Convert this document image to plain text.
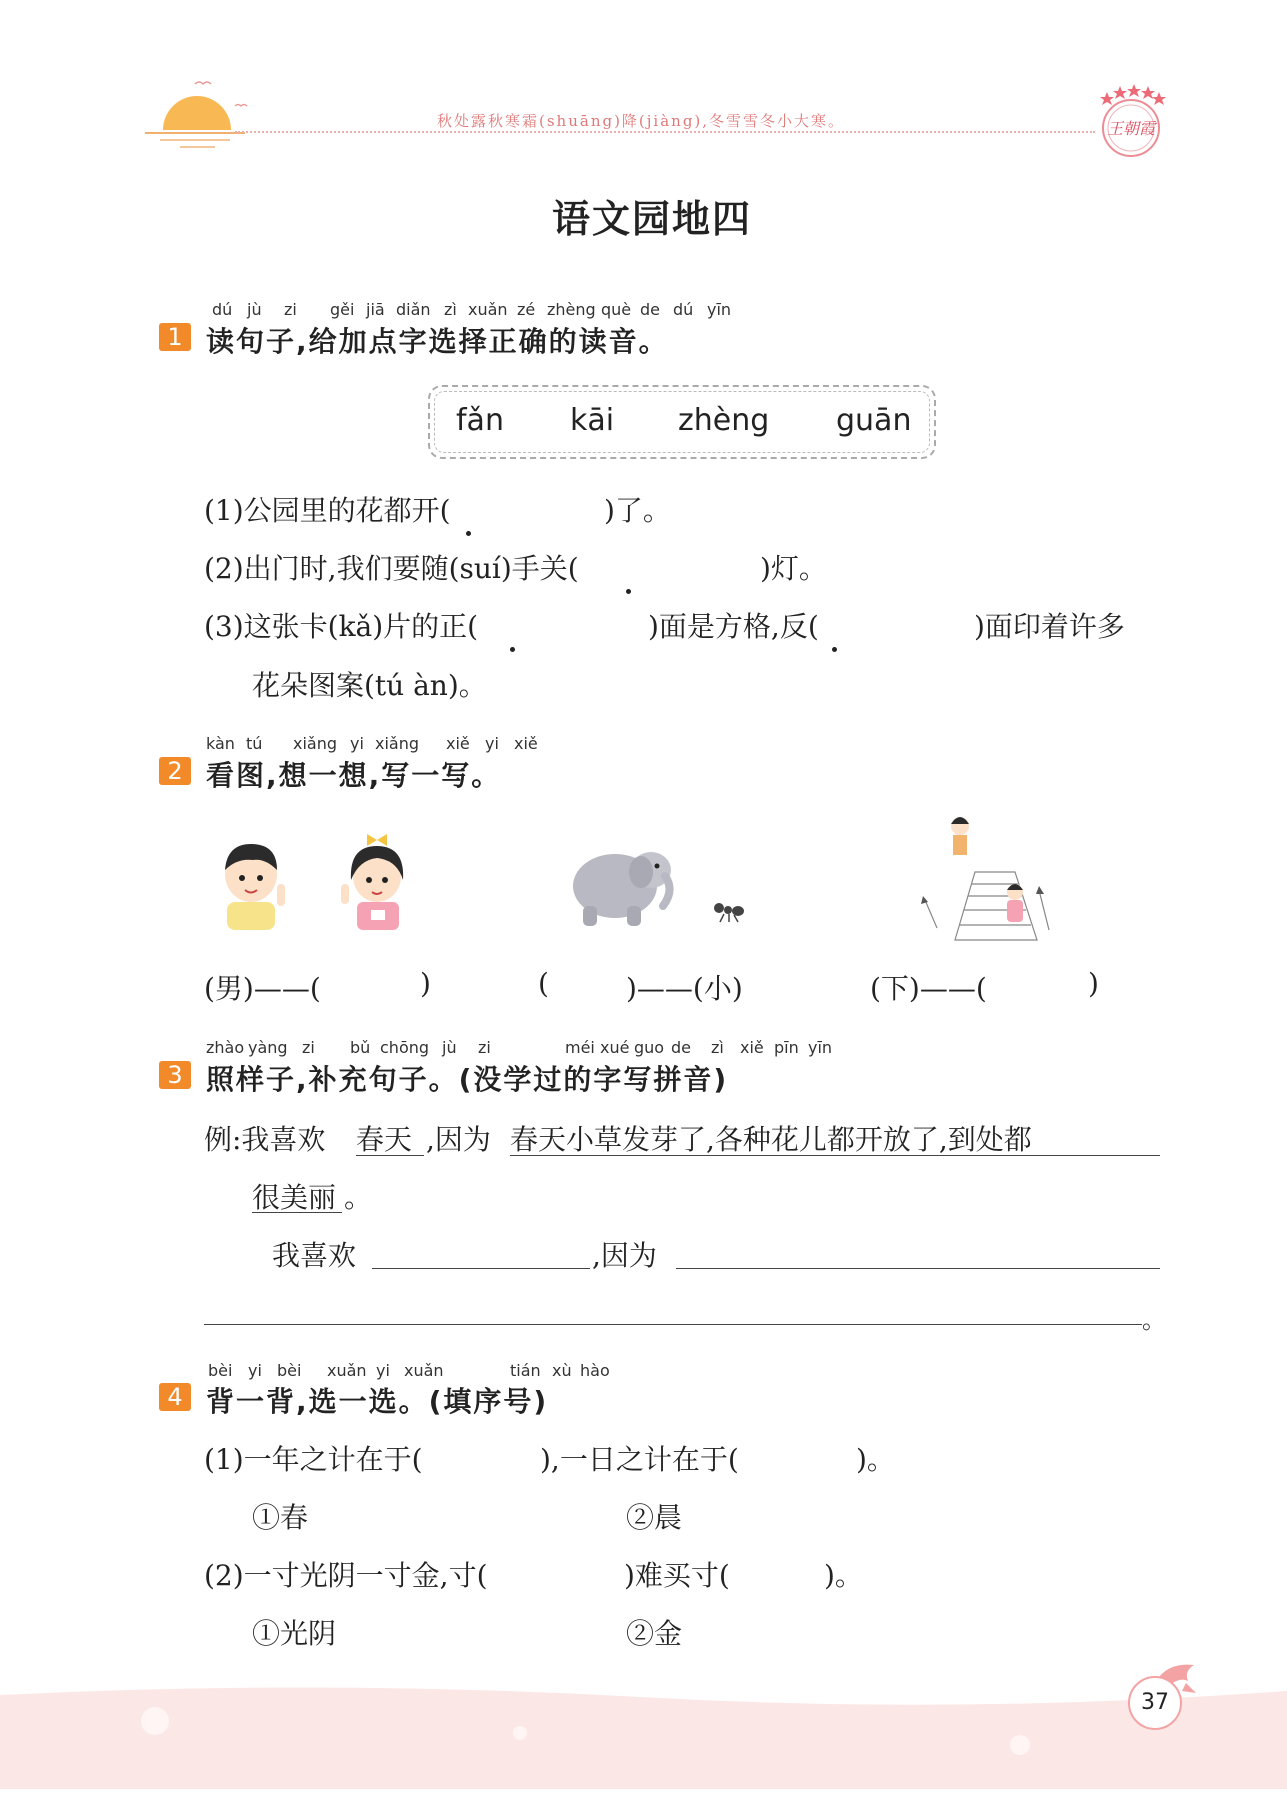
秋处露秋寒霜(shuāng)降(jiàng),冬雪雪冬小大寒。	王朝霞
语文园地四
1
dú jù zi gěi jiā diǎn zì xuǎn zé zhèng què de dú yīn
读句子,给加点字选择正确的读音。
fǎn kāi zhèng guān
(1)公园里的花都开(	)了。
(2)出门时,我们要随(suí)手关(	)灯。
(3)这张卡(kǎ)片的正(	)面是方格,反(	)面印着许多
花朵图案(tú àn)。
2
kàn tú xiǎng yi xiǎng xiě yi xiě
看图,想一想,写一写。
(男)——(	)	(	)——(小)	(下)——(	)
3
zhào yàng zi bǔ chōng jù zi	méi xué guo de zì xiě pīn yīn
照样子,补充句子。(没学过的字写拼音)
例:我喜欢 春天 ,因为 春天小草发芽了,各种花儿都开放了,到处都
很美丽 。
我喜欢	,因为
。
4
bèi yi bèi xuǎn yi xuǎn	tián xù hào
背一背,选一选。(填序号)
(1)一年之计在于(	),一日之计在于(	)。
①春	②晨
(2)一寸光阴一寸金,寸(	)难买寸(	)。
①光阴	②金
37
